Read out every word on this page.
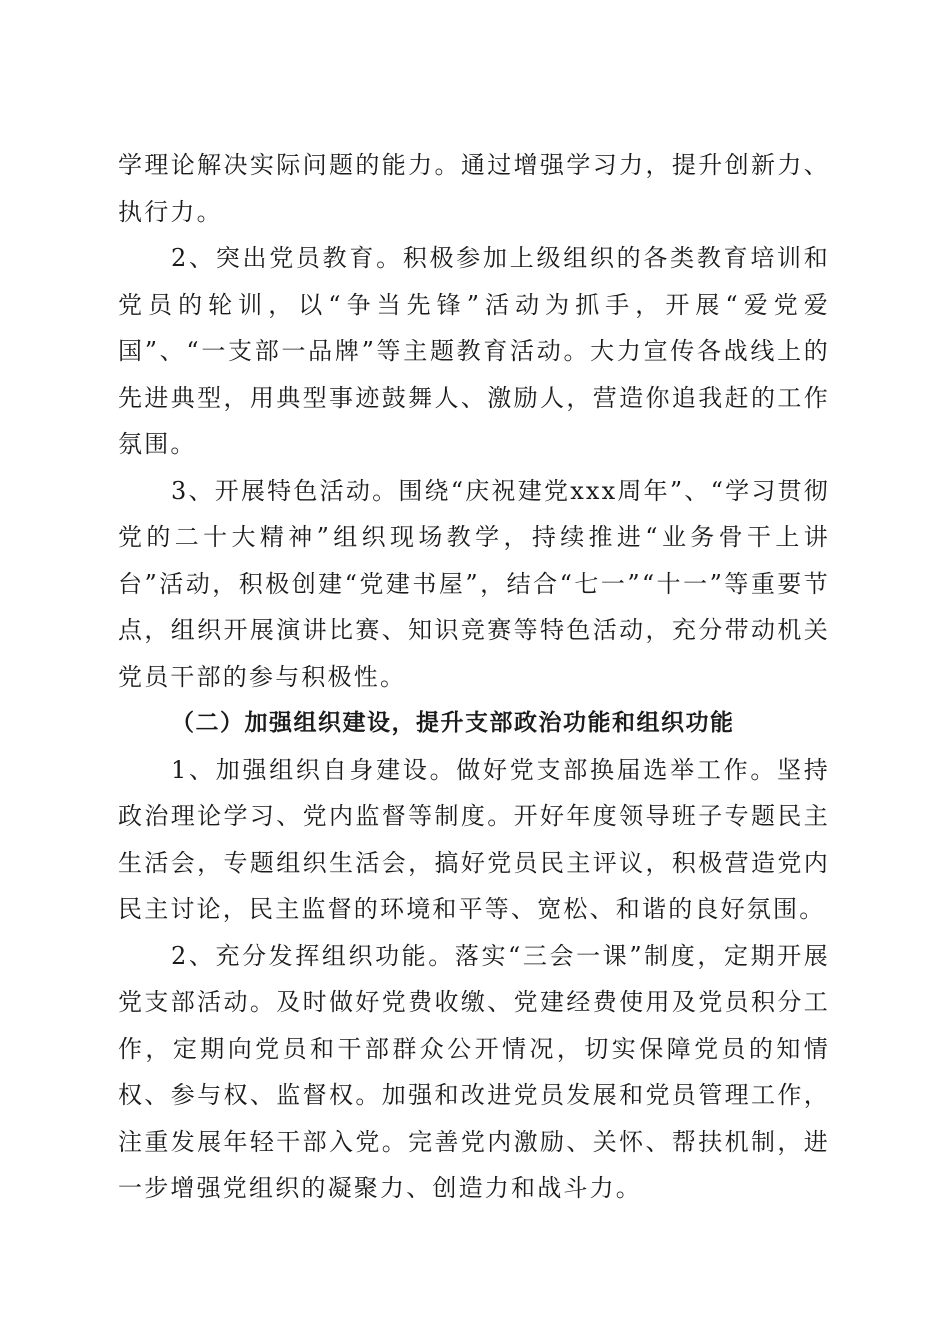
学理论解决实际问题的能力。通过增强学习力，提升创新力、执行力。

2、突出党员教育。积极参加上级组织的各类教育培训和党员的轮训，以“争当先锋”活动为抓手，开展“爱党爱国”、“一支部一品牌”等主题教育活动。大力宣传各战线上的先进典型，用典型事迹鼓舞人、激励人，营造你追我赶的工作氛围。

3、开展特色活动。围绕“庆祝建党xxx周年”、“学习贯彻党的二十大精神”组织现场教学，持续推进“业务骨干上讲台”活动，积极创建“党建书屋”，结合“七一”“十一”等重要节点，组织开展演讲比赛、知识竞赛等特色活动，充分带动机关党员干部的参与积极性。

（二）加强组织建设，提升支部政治功能和组织功能

1、加强组织自身建设。做好党支部换届选举工作。坚持政治理论学习、党内监督等制度。开好年度领导班子专题民主生活会，专题组织生活会，搞好党员民主评议，积极营造党内民主讨论，民主监督的环境和平等、宽松、和谐的良好氛围。

2、充分发挥组织功能。落实“三会一课”制度，定期开展党支部活动。及时做好党费收缴、党建经费使用及党员积分工作，定期向党员和干部群众公开情况，切实保障党员的知情权、参与权、监督权。加强和改进党员发展和党员管理工作，注重发展年轻干部入党。完善党内激励、关怀、帮扶机制，进一步增强党组织的凝聚力、创造力和战斗力。
